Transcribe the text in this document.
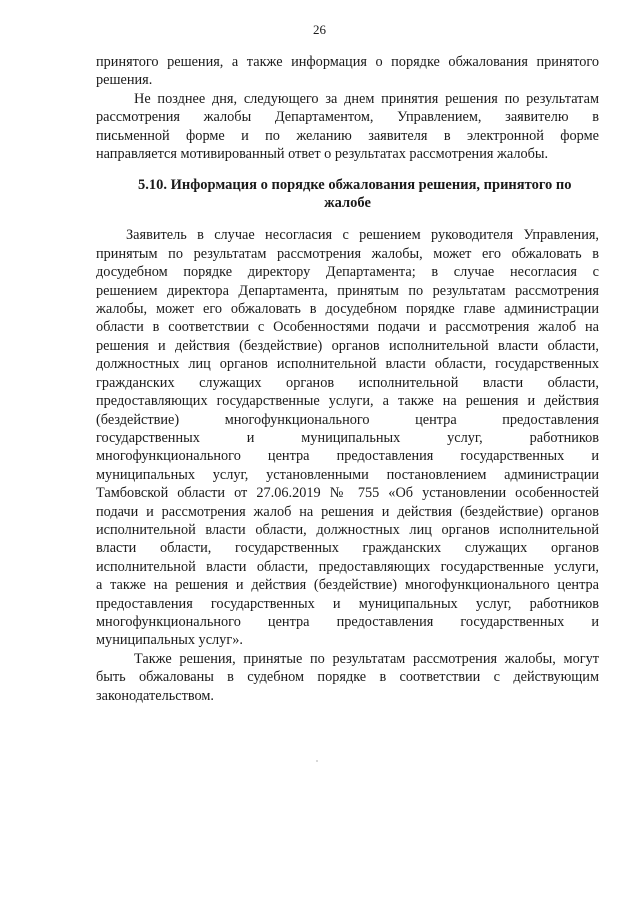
26
принятого решения, а также информация о порядке обжалования принятого
решения.
Не позднее дня, следующего за днем принятия решения по результатам
рассмотрения жалобы Департаментом, Управлением, заявителю в
письменной форме и по желанию заявителя в электронной форме
направляется мотивированный ответ о результатах рассмотрения жалобы.
5.10. Информация о порядке обжалования решения, принятого по
жалобе
Заявитель в случае несогласия с решением руководителя Управления,
принятым по результатам рассмотрения жалобы, может его обжаловать в
досудебном порядке директору Департамента; в случае несогласия с
решением директора Департамента, принятым по результатам рассмотрения
жалобы, может его обжаловать в досудебном порядке главе администрации
области в соответствии с Особенностями подачи и рассмотрения жалоб на
решения и действия (бездействие) органов исполнительной власти области,
должностных лиц органов исполнительной власти области, государственных
гражданских служащих органов исполнительной власти области,
предоставляющих государственные услуги, а также на решения и действия
(бездействие) многофункционального центра предоставления
государственных и муниципальных услуг, работников
многофункционального центра предоставления государственных и
муниципальных услуг, установленными постановлением администрации
Тамбовской области от 27.06.2019 № 755 «Об установлении особенностей
подачи и рассмотрения жалоб на решения и действия (бездействие) органов
исполнительной власти области, должностных лиц органов исполнительной
власти области, государственных гражданских служащих органов
исполнительной власти области, предоставляющих государственные услуги,
а также на решения и действия (бездействие) многофункционального центра
предоставления государственных и муниципальных услуг, работников
многофункционального центра предоставления государственных и
муниципальных услуг».
Также решения, принятые по результатам рассмотрения жалобы, могут
быть обжалованы в судебном порядке в соответствии с действующим
законодательством.
